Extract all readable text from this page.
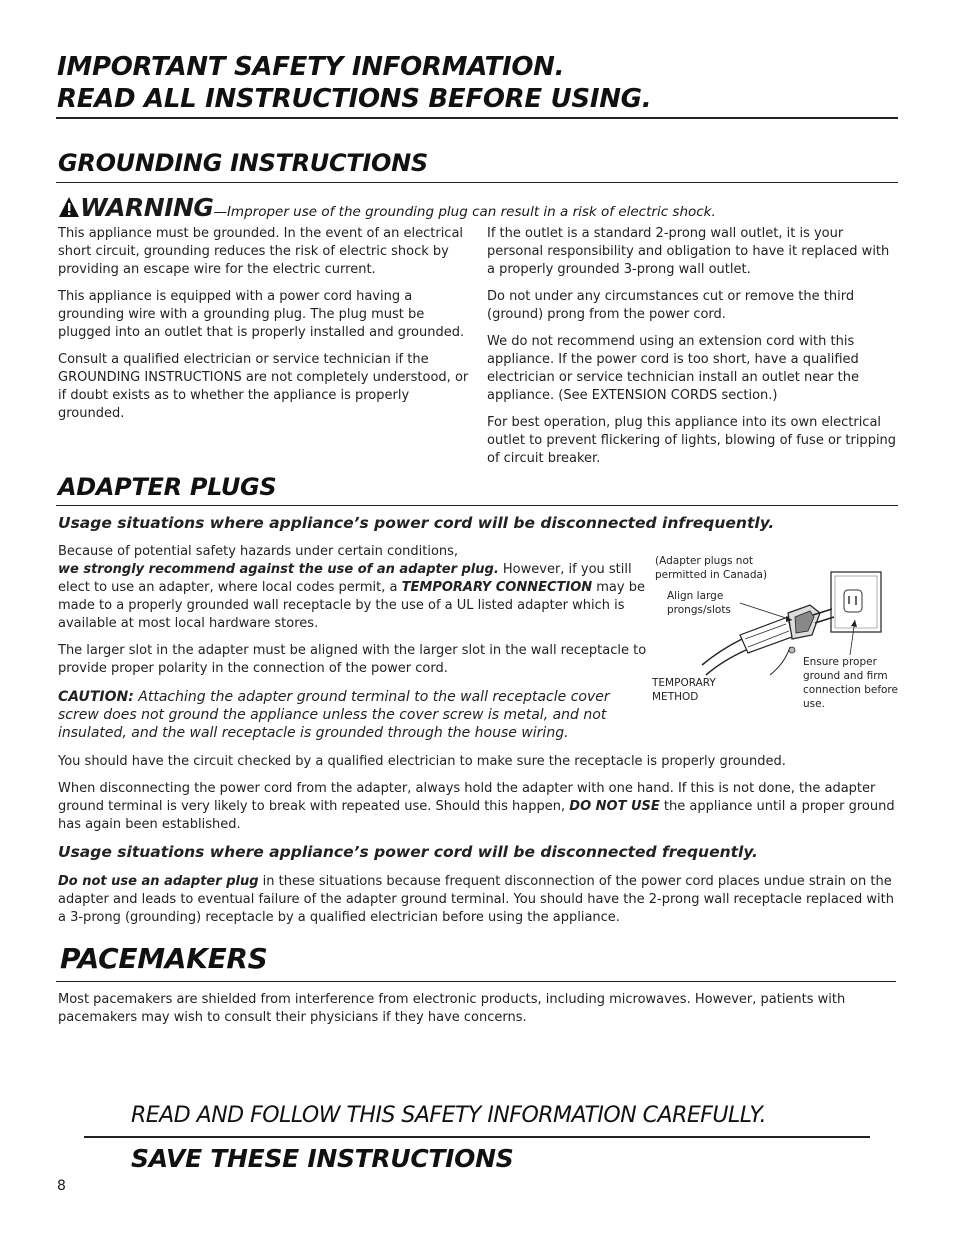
IMPORTANT SAFETY INFORMATION.
READ ALL INSTRUCTIONS BEFORE USING.
GROUNDING INSTRUCTIONS
WARNING—Improper use of the grounding plug can result in a risk of electric shock.
This appliance must be grounded. In the event of an electrical short circuit, grounding reduces the risk of electric shock by providing an escape wire for the electric current.
This appliance is equipped with a power cord having a grounding wire with a grounding plug. The plug must be plugged into an outlet that is properly installed and grounded.
Consult a qualified electrician or service technician if the GROUNDING INSTRUCTIONS are not completely understood, or if doubt exists as to whether the appliance is properly grounded.
If the outlet is a standard 2-prong wall outlet, it is your personal responsibility and obligation to have it replaced with a properly grounded 3-prong wall outlet.
Do not under any circumstances cut or remove the third (ground) prong from the power cord.
We do not recommend using an extension cord with this appliance. If the power cord is too short, have a qualified electrician or service technician install an outlet near the appliance. (See EXTENSION CORDS section.)
For best operation, plug this appliance into its own electrical outlet to prevent flickering of lights, blowing of fuse or tripping of circuit breaker.
ADAPTER PLUGS
Usage situations where appliance’s power cord will be disconnected infrequently.
Because of potential safety hazards under certain conditions,
we strongly recommend against the use of an adapter plug. However, if you still elect to use an adapter, where local codes permit, a TEMPORARY CONNECTION may be made to a properly grounded wall receptacle by the use of a UL listed adapter which is available at most local hardware stores.
The larger slot in the adapter must be aligned with the larger slot in the wall receptacle to provide proper polarity in the connection of the power cord.
CAUTION: Attaching the adapter ground terminal to the wall receptacle cover screw does not ground the appliance unless the cover screw is metal, and not insulated, and the wall receptacle is grounded through the house wiring.
(Adapter plugs not permitted in Canada)
Align large prongs/slots
TEMPORARY METHOD
Ensure proper ground and firm connection before use.
You should have the circuit checked by a qualified electrician to make sure the receptacle is properly grounded.
When disconnecting the power cord from the adapter, always hold the adapter with one hand. If this is not done, the adapter ground terminal is very likely to break with repeated use. Should this happen, DO NOT USE the appliance until a proper ground has again been established.
Usage situations where appliance’s power cord will be disconnected frequently.
Do not use an adapter plug in these situations because frequent disconnection of the power cord places undue strain on the adapter and leads to eventual failure of the adapter ground terminal. You should have the 2-prong wall receptacle replaced with a 3-prong (grounding) receptacle by a qualified electrician before using the appliance.
PACEMAKERS
Most pacemakers are shielded from interference from electronic products, including microwaves. However, patients with pacemakers may wish to consult their physicians if they have concerns.
READ AND FOLLOW THIS SAFETY INFORMATION CAREFULLY.
SAVE THESE INSTRUCTIONS
8
